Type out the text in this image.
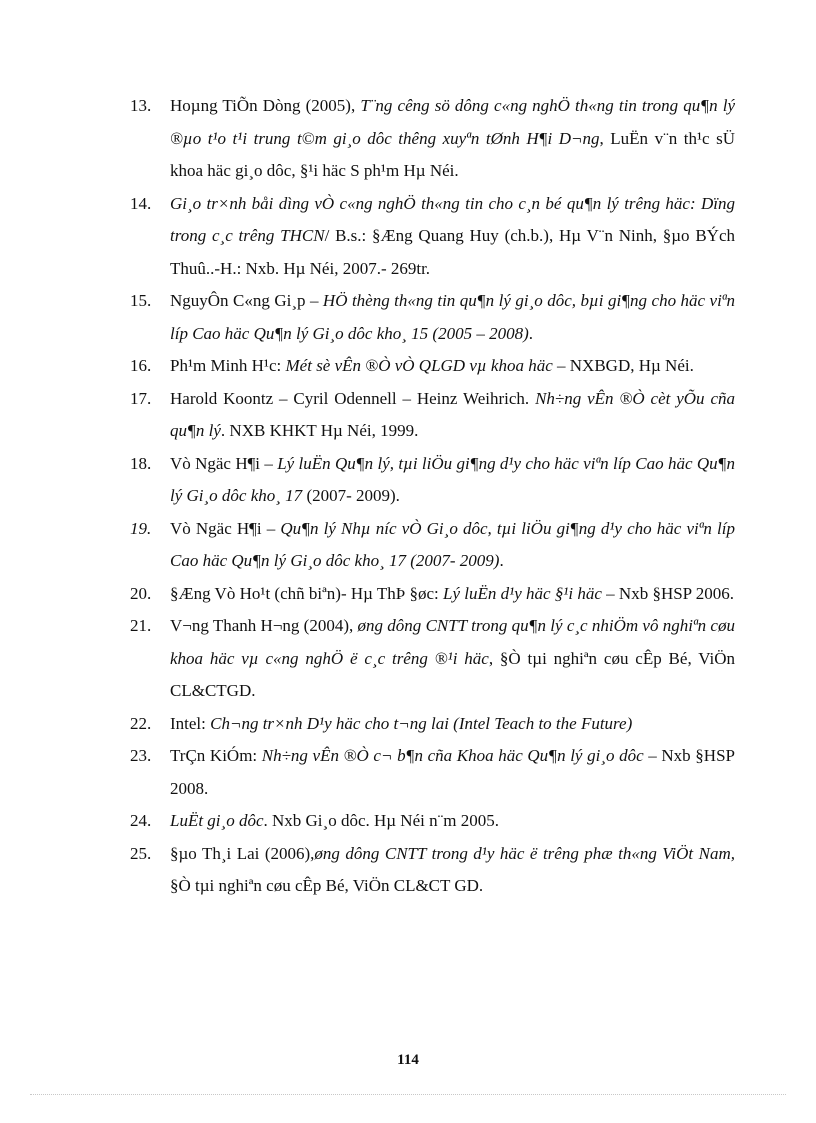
13.	Hoµng TiÕn Dòng (2005), T¨ng cêng sö dông c«ng nghÖ th«ng tin trong qu¶n lý ®µo t¹o t¹i trung t©m gi¸o dôc thêng xuyªn tØnh H¶i D¬ng, LuËn v¨n th¹c sÜ khoa häc gi¸o dôc, §¹i häc S ph¹m Hµ Néi.
14.	Gi¸o tr×nh båi dìng vÒ c«ng nghÖ th«ng tin cho c¸n bé qu¶n lý trêng häc: Dïng trong c¸c trêng THCN/ B.s.: §Æng Quang Huy (ch.b.), Hµ V¨n Ninh, §µo BÝch Thuû..-H.: Nxb. Hµ Néi, 2007.- 269tr.
15.	NguyÔn C«ng Gi¸p – HÖ thèng th«ng tin qu¶n lý gi¸o dôc, bµi gi¶ng cho häc viªn líp Cao häc Qu¶n lý Gi¸o dôc kho¸ 15 (2005 – 2008).
16.	Ph¹m Minh H¹c: Mét sè vÊn ®Ò vÒ QLGD vµ khoa häc – NXBGD, Hµ Néi.
17.	Harold Koontz – Cyril Odennell – Heinz Weihrich. Nh÷ng vÊn ®Ò cèt yÕu cña qu¶n lý. NXB KHKT Hµ Néi, 1999.
18.	Vò Ngäc H¶i – Lý luËn Qu¶n lý, tµi liÖu gi¶ng d¹y cho häc viªn líp Cao häc Qu¶n lý Gi¸o dôc kho¸ 17 (2007- 2009).
19.	Vò Ngäc H¶i – Qu¶n lý Nhµ níc vÒ Gi¸o dôc, tµi liÖu gi¶ng d¹y cho häc viªn líp Cao häc Qu¶n lý Gi¸o dôc kho¸ 17 (2007- 2009).
20.	§Æng Vò Ho¹t (chñ biªn)- Hµ ThÞ §øc: Lý luËn d¹y häc §¹i häc – Nxb §HSP 2006.
21.	V¬ng Thanh H¬ng (2004), øng dông CNTT trong qu¶n lý c¸c nhiÖm vô nghiªn cøu khoa häc vµ c«ng nghÖ ë c¸c trêng ®¹i häc, §Ò tµi nghiªn cøu cÊp Bé, ViÖn CL&CTGD.
22.	Intel: Ch¬ng tr×nh D¹y häc cho t¬ng lai (Intel Teach to the Future)
23.	TrÇn KiÓm: Nh÷ng vÊn ®Ò c¬ b¶n cña Khoa häc Qu¶n lý gi¸o dôc – Nxb §HSP 2008.
24.	LuËt gi¸o dôc. Nxb Gi¸o dôc. Hµ Néi n¨m 2005.
25.	§µo Th¸i Lai (2006),øng dông CNTT trong d¹y häc ë trêng phæ th«ng ViÖt Nam, §Ò tµi nghiªn cøu cÊp Bé, ViÖn CL&CT GD.
114
